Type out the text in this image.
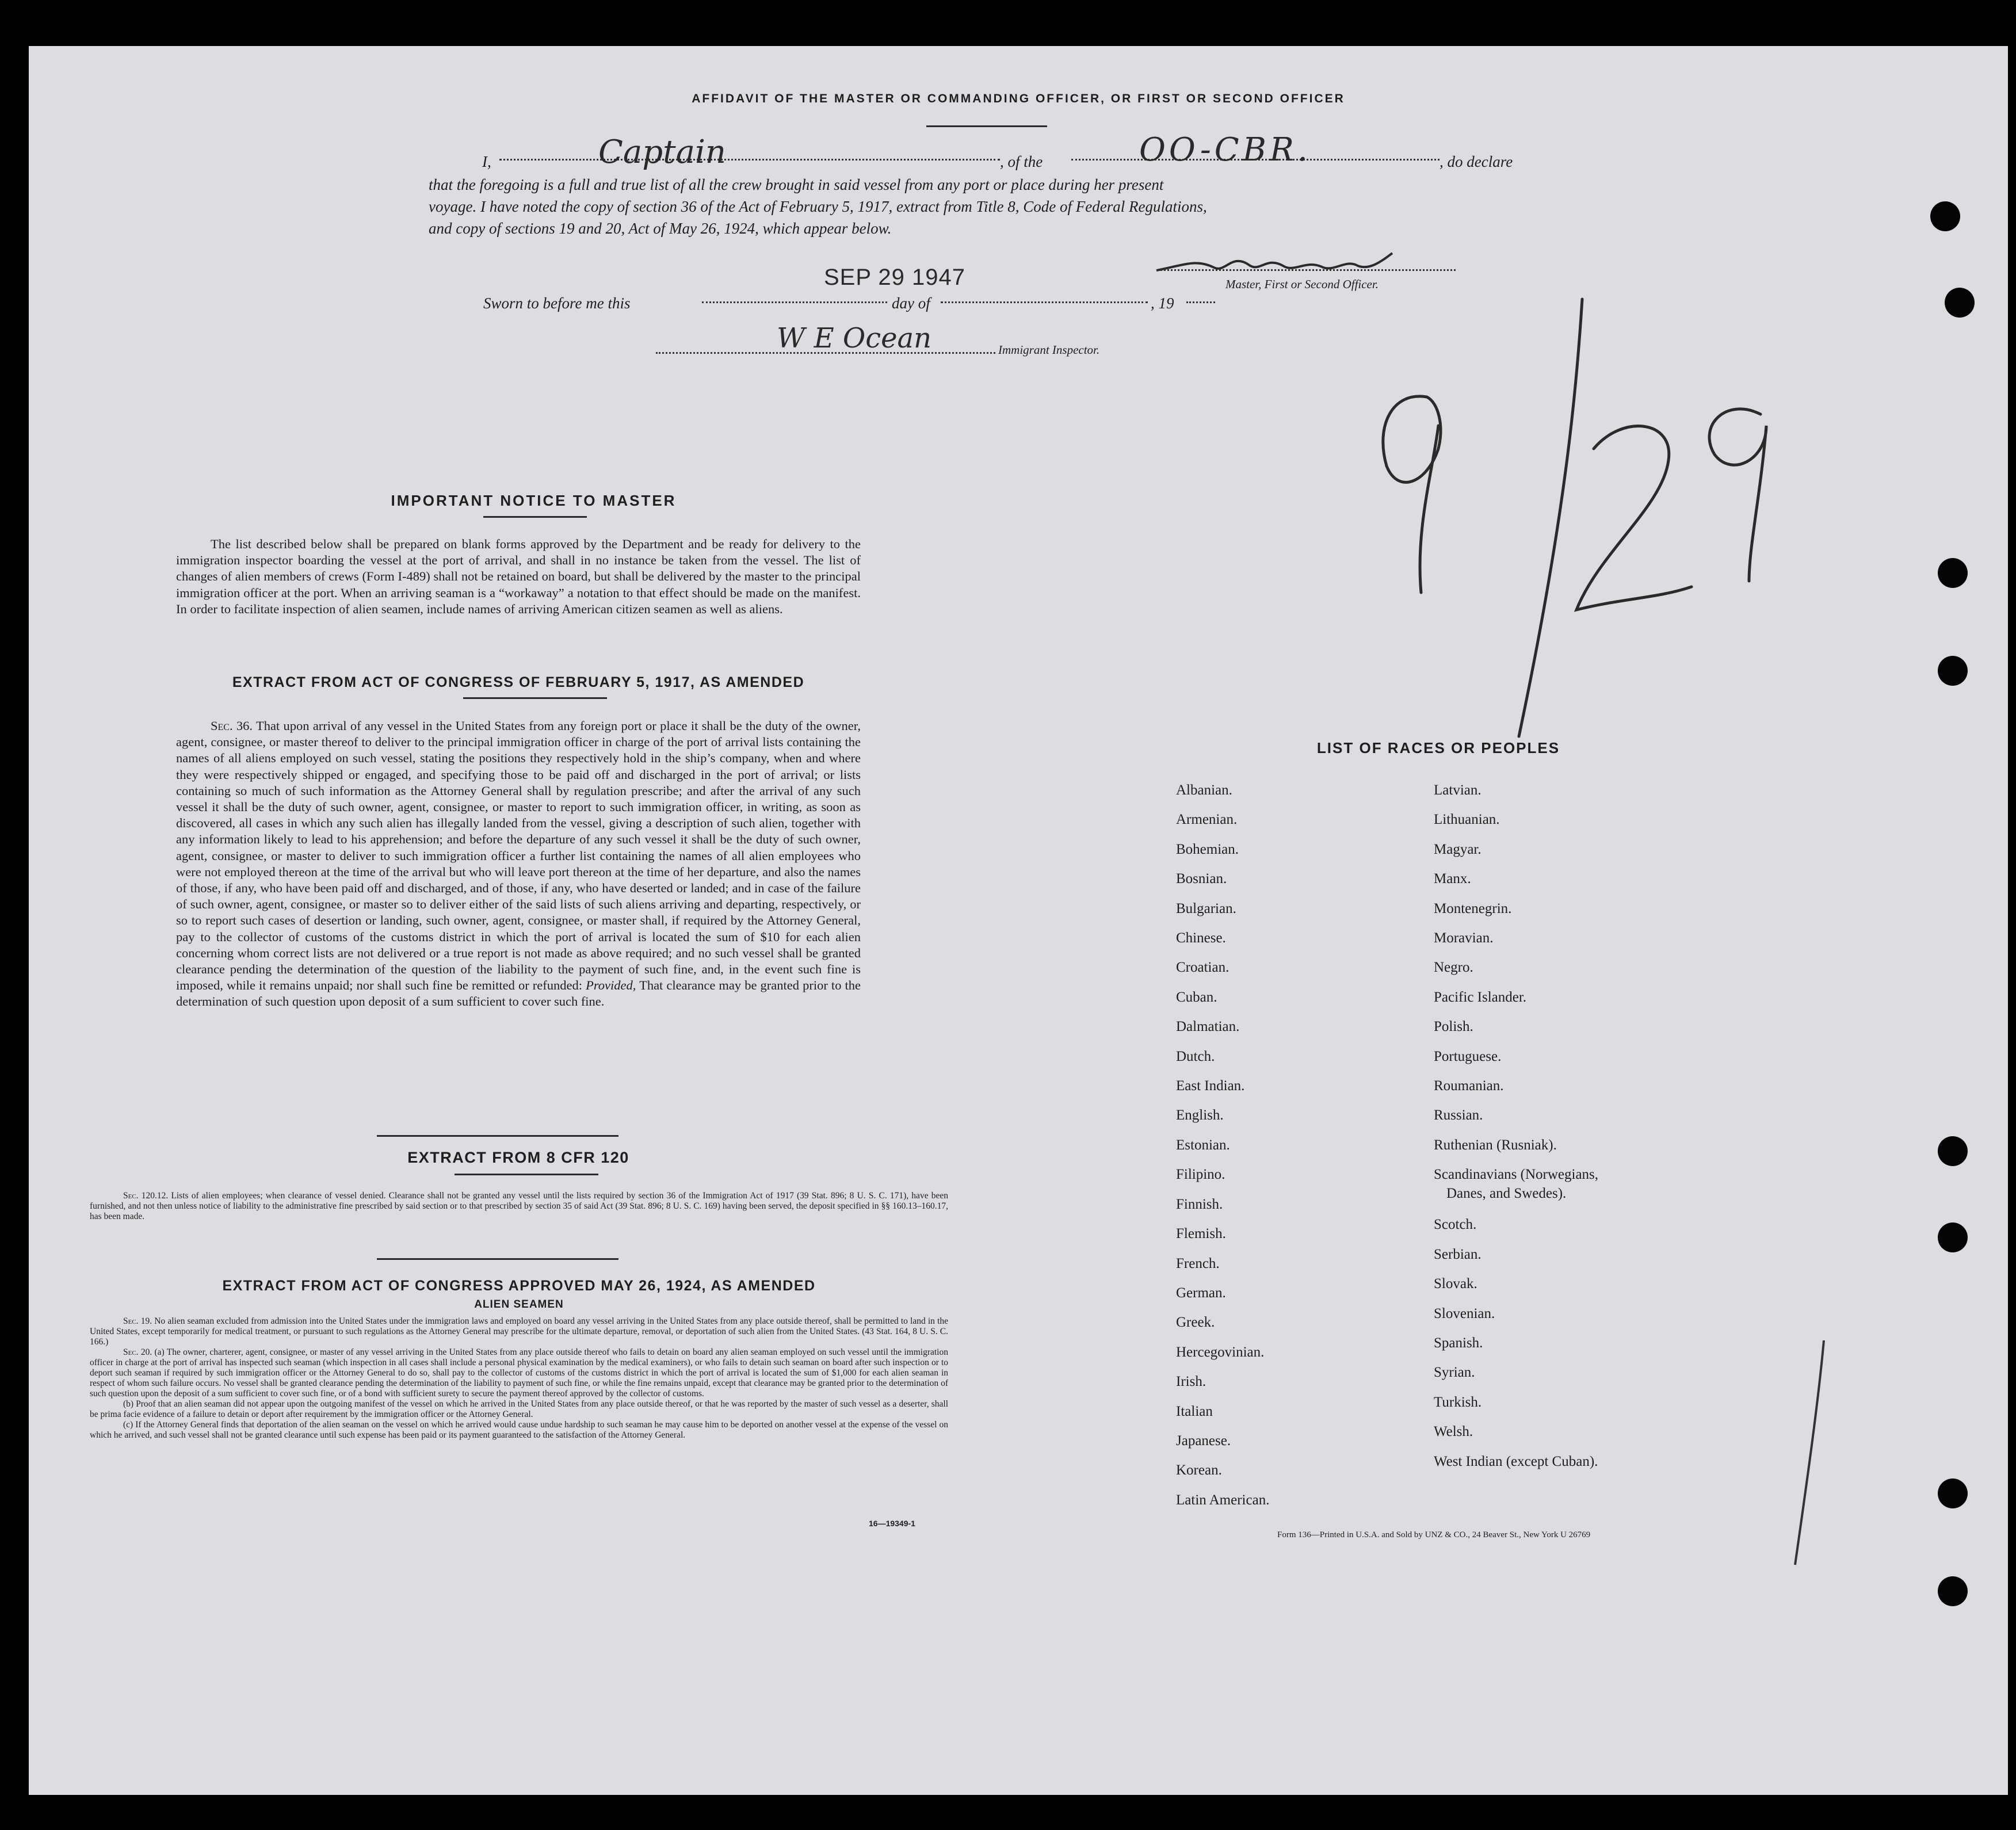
AFFIDAVIT OF THE MASTER OR COMMANDING OFFICER, OR FIRST OR SECOND OFFICER
I,	Captain	, of the	OO-CBR.	, do declare
that the foregoing is a full and true list of all the crew brought in said vessel from any port or place during her present
voyage. I have noted the copy of section 36 of the Act of February 5, 1917, extract from Title 8, Code of Federal Regulations,
and copy of sections 19 and 20, Act of May 26, 1924, which appear below.
Master, First or Second Officer.
SEP 29 1947
Sworn to before me this	day of	, 19
W E Ocean	Immigrant Inspector.
9/29
IMPORTANT NOTICE TO MASTER
The list described below shall be prepared on blank forms approved by the Department and be ready for delivery to the immigration inspector boarding the vessel at the port of arrival, and shall in no instance be taken from the vessel. The list of changes of alien members of crews (Form I-489) shall not be retained on board, but shall be delivered by the master to the principal immigration officer at the port. When an arriving seaman is a “workaway” a notation to that effect should be made on the manifest. In order to facilitate inspection of alien seamen, include names of arriving American citizen seamen as well as aliens.
EXTRACT FROM ACT OF CONGRESS OF FEBRUARY 5, 1917, AS AMENDED
Sec. 36. That upon arrival of any vessel in the United States from any foreign port or place it shall be the duty of the owner, agent, consignee, or master thereof to deliver to the principal immigration officer in charge of the port of arrival lists containing the names of all aliens employed on such vessel, stating the positions they respectively hold in the ship’s company, when and where they were respectively shipped or engaged, and specifying those to be paid off and discharged in the port of arrival; or lists containing so much of such information as the Attorney General shall by regulation prescribe; and after the arrival of any such vessel it shall be the duty of such owner, agent, consignee, or master to report to such immigration officer, in writing, as soon as discovered, all cases in which any such alien has illegally landed from the vessel, giving a description of such alien, together with any information likely to lead to his apprehension; and before the departure of any such vessel it shall be the duty of such owner, agent, consignee, or master to deliver to such immigration officer a further list containing the names of all alien employees who were not employed thereon at the time of the arrival but who will leave port thereon at the time of her departure, and also the names of those, if any, who have been paid off and discharged, and of those, if any, who have deserted or landed; and in case of the failure of such owner, agent, consignee, or master so to deliver either of the said lists of such aliens arriving and departing, respectively, or so to report such cases of desertion or landing, such owner, agent, consignee, or master shall, if required by the Attorney General, pay to the collector of customs of the customs district in which the port of arrival is located the sum of $10 for each alien concerning whom correct lists are not delivered or a true report is not made as above required; and no such vessel shall be granted clearance pending the determination of the question of the liability to the payment of such fine, and, in the event such fine is imposed, while it remains unpaid; nor shall such fine be remitted or refunded: Provided, That clearance may be granted prior to the determination of such question upon deposit of a sum sufficient to cover such fine.
EXTRACT FROM 8 CFR 120
Sec. 120.12. Lists of alien employees; when clearance of vessel denied. Clearance shall not be granted any vessel until the lists required by section 36 of the Immigration Act of 1917 (39 Stat. 896; 8 U. S. C. 171), have been furnished, and not then unless notice of liability to the administrative fine prescribed by said section or to that prescribed by section 35 of said Act (39 Stat. 896; 8 U. S. C. 169) having been served, the deposit specified in §§ 160.13–160.17, has been made.
EXTRACT FROM ACT OF CONGRESS APPROVED MAY 26, 1924, AS AMENDED
ALIEN SEAMEN
Sec. 19. No alien seaman excluded from admission into the United States under the immigration laws and employed on board any vessel arriving in the United States from any place outside thereof, shall be permitted to land in the United States, except temporarily for medical treatment, or pursuant to such regulations as the Attorney General may prescribe for the ultimate departure, removal, or deportation of such alien from the United States. (43 Stat. 164, 8 U. S. C. 166.)
Sec. 20. (a) The owner, charterer, agent, consignee, or master of any vessel arriving in the United States from any place outside thereof who fails to detain on board any alien seaman employed on such vessel until the immigration officer in charge at the port of arrival has inspected such seaman (which inspection in all cases shall include a personal physical examination by the medical examiners), or who fails to detain such seaman on board after such inspection or to deport such seaman if required by such immigration officer or the Attorney General to do so, shall pay to the collector of customs of the customs district in which the port of arrival is located the sum of $1,000 for each alien seaman in respect of whom such failure occurs. No vessel shall be granted clearance pending the determination of the liability to payment of such fine, or while the fine remains unpaid, except that clearance may be granted prior to the determination of such question upon the deposit of a sum sufficient to cover such fine, or of a bond with sufficient surety to secure the payment thereof approved by the collector of customs.
(b) Proof that an alien seaman did not appear upon the outgoing manifest of the vessel on which he arrived in the United States from any place outside thereof, or that he was reported by the master of such vessel as a deserter, shall be prima facie evidence of a failure to detain or deport after requirement by the immigration officer or the Attorney General.
(c) If the Attorney General finds that deportation of the alien seaman on the vessel on which he arrived would cause undue hardship to such seaman he may cause him to be deported on another vessel at the expense of the vessel on which he arrived, and such vessel shall not be granted clearance until such expense has been paid or its payment guaranteed to the satisfaction of the Attorney General.
16—19349-1
LIST OF RACES OR PEOPLES
Albanian.
Armenian.
Bohemian.
Bosnian.
Bulgarian.
Chinese.
Croatian.
Cuban.
Dalmatian.
Dutch.
East Indian.
English.
Estonian.
Filipino.
Finnish.
Flemish.
French.
German.
Greek.
Hercegovinian.
Irish.
Italian
Japanese.
Korean.
Latin American.
Latvian.
Lithuanian.
Magyar.
Manx.
Montenegrin.
Moravian.
Negro.
Pacific Islander.
Polish.
Portuguese.
Roumanian.
Russian.
Ruthenian (Rusniak).
Scandinavians (Norwegians,
Danes, and Swedes).
Scotch.
Serbian.
Slovak.
Slovenian.
Spanish.
Syrian.
Turkish.
Welsh.
West Indian (except Cuban).
Form 136—Printed in U.S.A. and Sold by UNZ & CO., 24 Beaver St., New York U 26769
